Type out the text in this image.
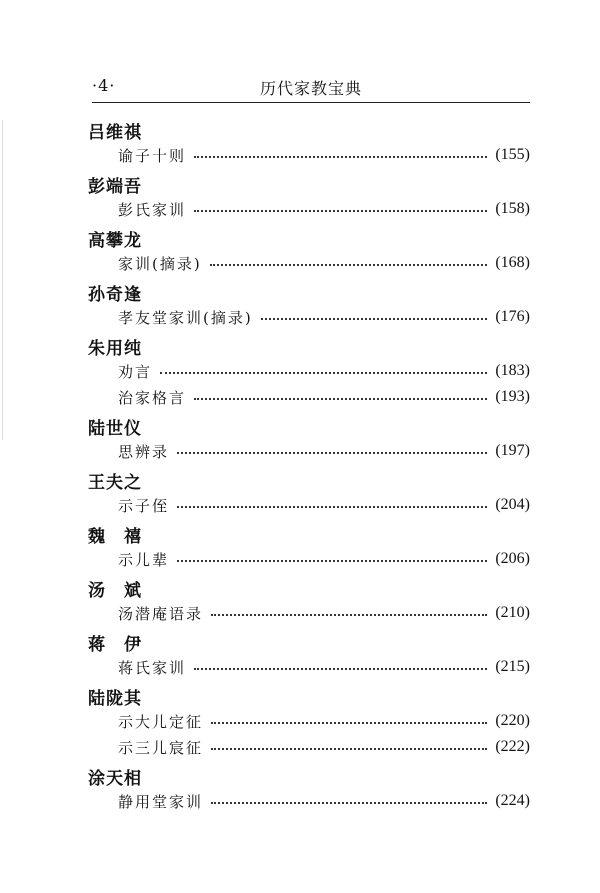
·4·	历代家教宝典
吕维祺
谕子十则	(155)
彭端吾
彭氏家训	(158)
高攀龙
家训(摘录)	(168)
孙奇逢
孝友堂家训(摘录)	(176)
朱用纯
劝言	(183)
治家格言	(193)
陆世仪
思辨录	(197)
王夫之
示子侄	(204)
魏　禧
示儿辈	(206)
汤　斌
汤潜庵语录	(210)
蒋　伊
蒋氏家训	(215)
陆陇其
示大儿定征	(220)
示三儿宸征	(222)
涂天相
静用堂家训	(224)
